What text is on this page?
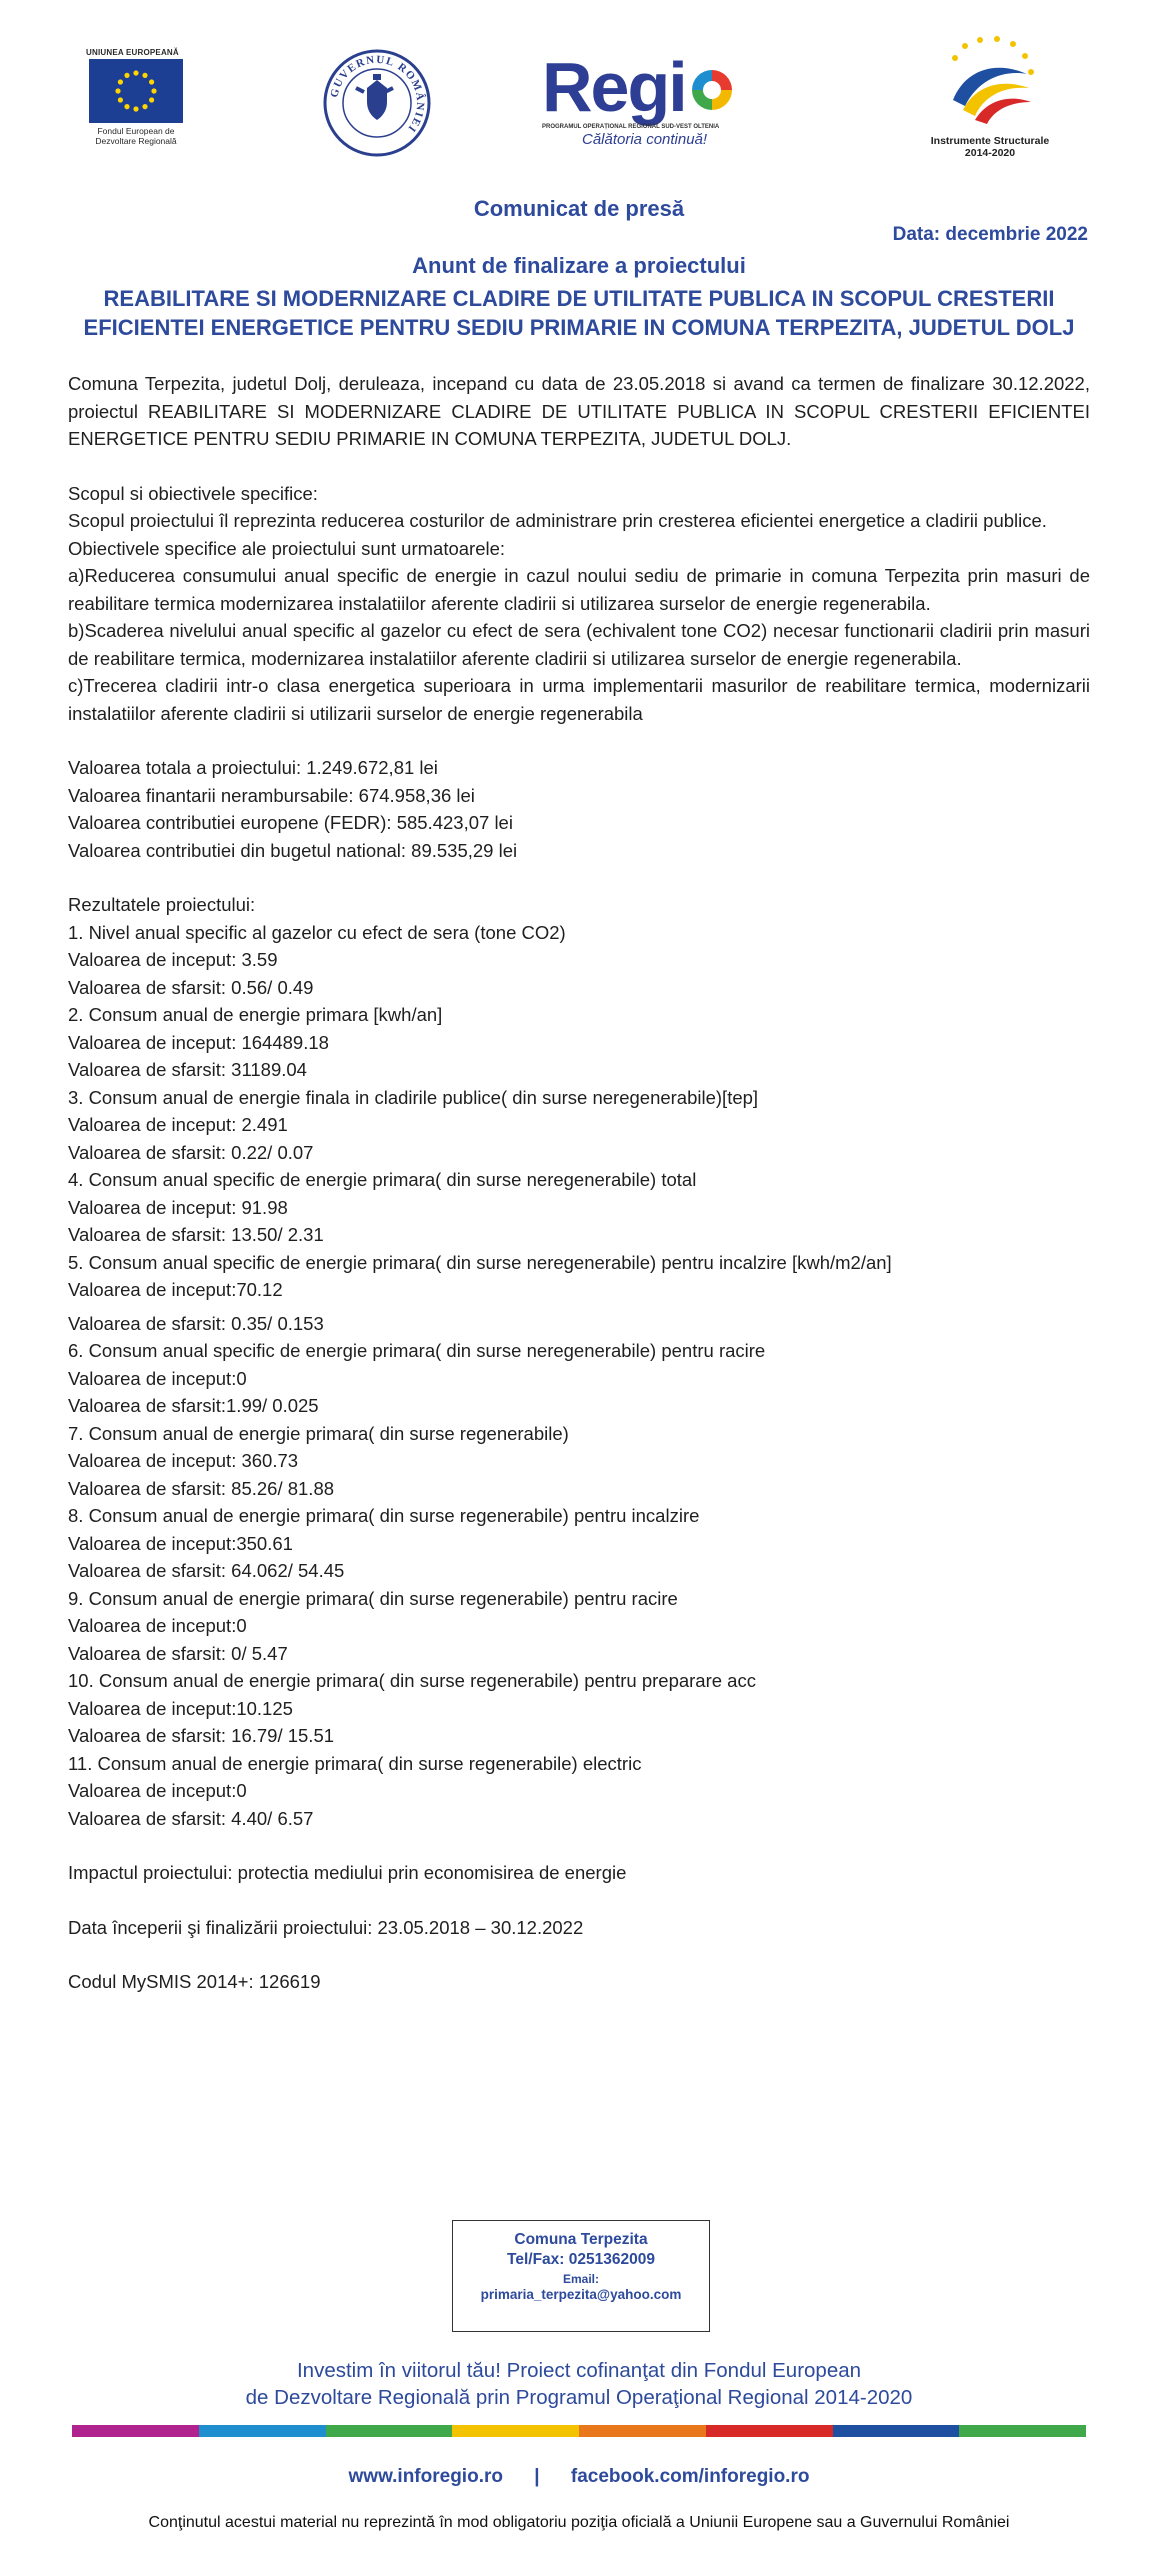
UNIUNEA EUROPEANĂ
Fondul European de
Dezvoltare Regională
GUVERNUL ROMÂNIEI
Regi
PROGRAMUL OPERAȚIONAL REGIONAL SUD-VEST OLTENIA
Călătoria continuă!	Instrumente Structurale
2014-2020
Comunicat de presă
Data: decembrie 2022
Anunt de finalizare a proiectului
REABILITARE SI MODERNIZARE CLADIRE DE UTILITATE PUBLICA IN SCOPUL CRESTERII
EFICIENTEI ENERGETICE PENTRU SEDIU PRIMARIE IN COMUNA TERPEZITA, JUDETUL DOLJ

Comuna Terpezita, judetul Dolj, deruleaza, incepand cu data de 23.05.2018 si avand ca termen de finalizare 30.12.2022, proiectul REABILITARE SI MODERNIZARE CLADIRE DE UTILITATE PUBLICA IN SCOPUL CRESTERII EFICIENTEI ENERGETICE PENTRU SEDIU PRIMARIE IN COMUNA TERPEZITA, JUDETUL DOLJ.

Scopul si obiectivele specifice:

Scopul proiectului îl reprezinta reducerea costurilor de administrare prin cresterea eficientei energetice a cladirii publice.

Obiectivele specifice ale proiectului sunt urmatoarele:

a)Reducerea consumului anual specific de energie in cazul noului sediu de primarie in comuna Terpezita prin masuri de reabilitare termica modernizarea instalatiilor aferente cladirii si utilizarea surselor de energie regenerabila.

b)Scaderea nivelului anual specific al gazelor cu efect de sera (echivalent tone CO2) necesar functionarii cladirii prin masuri de reabilitare termica, modernizarea instalatiilor aferente cladirii si utilizarea surselor de energie regenerabila.

c)Trecerea cladirii intr-o clasa energetica superioara in urma implementarii masurilor de reabilitare termica, modernizarii instalatiilor aferente cladirii si utilizarii surselor de energie regenerabila

Valoarea totala a proiectului: 1.249.672,81 lei

Valoarea finantarii nerambursabile: 674.958,36 lei

Valoarea contributiei europene (FEDR): 585.423,07 lei

Valoarea contributiei din bugetul national: 89.535,29 lei

Rezultatele proiectului:

1. Nivel anual specific al gazelor cu efect de sera (tone CO2)

Valoarea de inceput: 3.59

Valoarea de sfarsit: 0.56/ 0.49

2. Consum anual de energie primara [kwh/an]

Valoarea de inceput: 164489.18

Valoarea de sfarsit: 31189.04

3. Consum anual de energie finala in cladirile publice( din surse neregenerabile)[tep]

Valoarea de inceput: 2.491

Valoarea de sfarsit: 0.22/ 0.07

4. Consum anual specific de energie primara( din surse neregenerabile) total

Valoarea de inceput: 91.98

Valoarea de sfarsit: 13.50/ 2.31

5. Consum anual specific de energie primara( din surse neregenerabile) pentru incalzire [kwh/m2/an]

Valoarea de inceput:70.12

Valoarea de sfarsit: 0.35/ 0.153

6. Consum anual specific de energie primara( din surse neregenerabile) pentru racire

Valoarea de inceput:0

Valoarea de sfarsit:1.99/ 0.025

7. Consum anual de energie primara( din surse regenerabile)

Valoarea de inceput: 360.73

Valoarea de sfarsit: 85.26/ 81.88

8. Consum anual de energie primara( din surse regenerabile) pentru incalzire

Valoarea de inceput:350.61

Valoarea de sfarsit: 64.062/ 54.45

9. Consum anual de energie primara( din surse regenerabile) pentru racire

Valoarea de inceput:0

Valoarea de sfarsit: 0/ 5.47

10. Consum anual de energie primara( din surse regenerabile) pentru preparare acc

Valoarea de inceput:10.125

Valoarea de sfarsit: 16.79/ 15.51

11. Consum anual de energie primara( din surse regenerabile) electric

Valoarea de inceput:0

Valoarea de sfarsit: 4.40/ 6.57

Impactul proiectului: protectia mediului prin economisirea de energie

Data începerii şi finalizării proiectului: 23.05.2018 – 30.12.2022

Codul MySMIS 2014+: 126619

Comuna Terpezita
Tel/Fax: 0251362009
Email:
primaria_terpezita@yahoo.com
Investim în viitorul tău! Proiect cofinanţat din Fondul European
de Dezvoltare Regională prin Programul Operaţional Regional 2014-2020
www.inforegio.ro | facebook.com/inforegio.ro
Conţinutul acestui material nu reprezintă în mod obligatoriu poziţia oficială a Uniunii Europene sau a Guvernului României
